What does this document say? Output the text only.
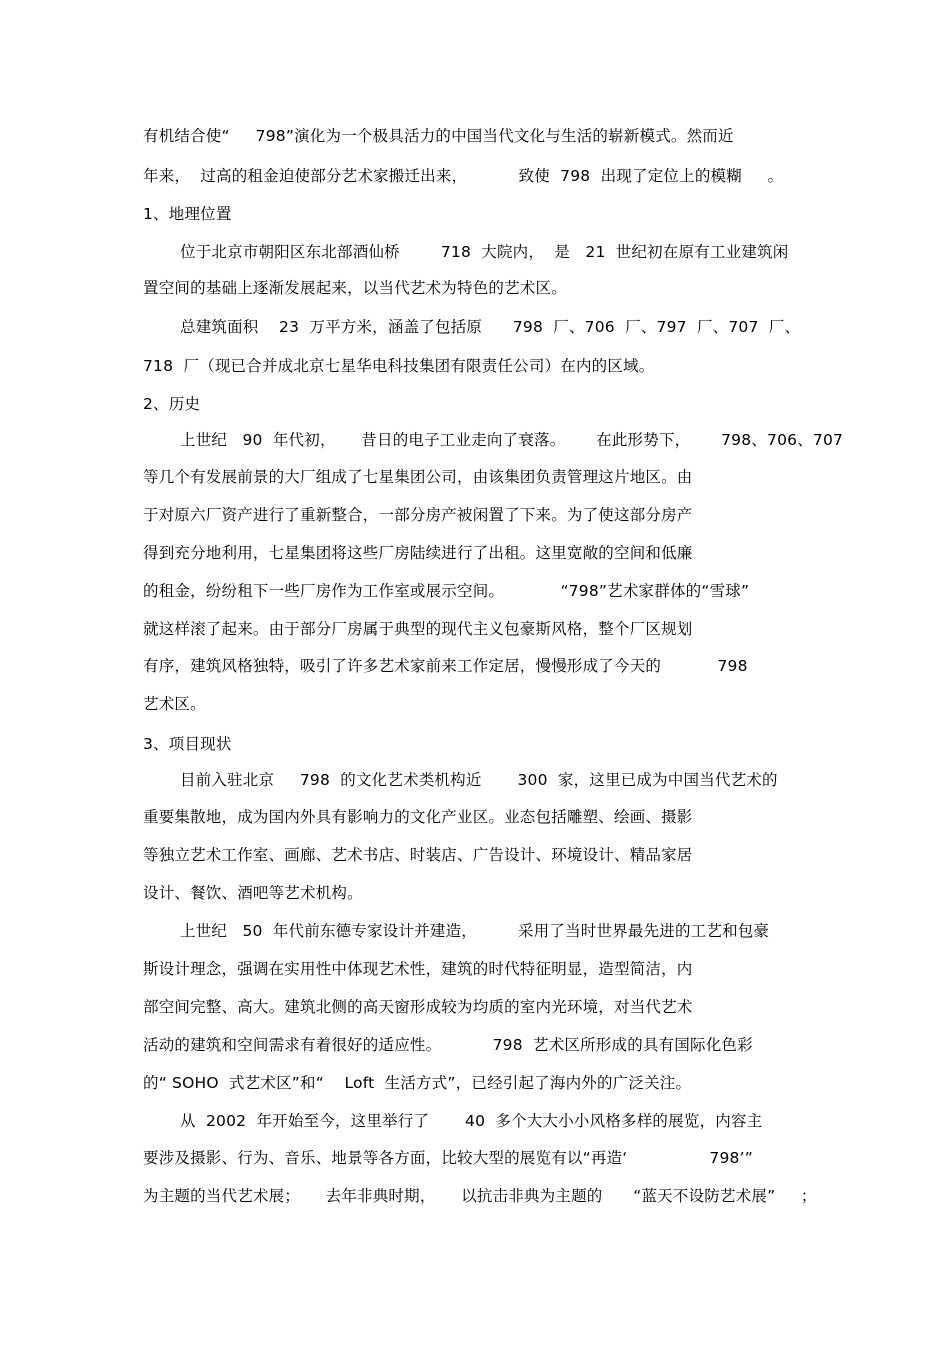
有机结合使“　  798”演化为一个极具活力的中国当代文化与生活的崭新模式。然而近

年来，  过高的租金迫使部分艺术家搬迁出来，          致使  798  出现了定位上的模糊     。

1、地理位置

位于北京市朝阳区东北部酒仙桥        718  大院内，  是   21  世纪初在原有工业建筑闲

置空间的基础上逐渐发展起来，以当代艺术为特色的艺术区。

总建筑面积    23  万平方米，涵盖了包括原      798  厂、706  厂、797  厂、707  厂、

718  厂（现已合并成北京七星华电科技集团有限责任公司）在内的区域。

2、历史

上世纪   90  年代初，     昔日的电子工业走向了衰落。      在此形势下，      798、706、707

等几个有发展前景的大厂组成了七星集团公司，由该集团负责管理这片地区。由

于对原六厂资产进行了重新整合，一部分房产被闲置了下来。为了使这部分房产

得到充分地利用，七星集团将这些厂房陆续进行了出租。这里宽敞的空间和低廉

的租金，纷纷租下一些厂房作为工作室或展示空间。           “798”艺术家群体的“雪球”

就这样滚了起来。由于部分厂房属于典型的现代主义包豪斯风格，整个厂区规划

有序，建筑风格独特，吸引了许多艺术家前来工作定居，慢慢形成了今天的           798

艺术区。

3、项目现状

目前入驻北京     798  的文化艺术类机构近       300  家，这里已成为中国当代艺术的

重要集散地，成为国内外具有影响力的文化产业区。业态包括雕塑、绘画、摄影

等独立艺术工作室、画廊、艺术书店、时装店、广告设计、环境设计、精品家居

设计、餐饮、酒吧等艺术机构。

上世纪   50  年代前东德专家设计并建造，        采用了当时世界最先进的工艺和包豪

斯设计理念，强调在实用性中体现艺术性，建筑的时代特征明显，造型简洁，内

部空间完整、高大。建筑北侧的高天窗形成较为均质的室内光环境，对当代艺术

活动的建筑和空间需求有着很好的适应性。          798  艺术区所形成的具有国际化色彩

的“ SOHO  式艺术区”和“    Loft  生活方式”，已经引起了海内外的广泛关注。

从  2002  年开始至今，这里举行了       40  多个大大小小风格多样的展览，内容主

要涉及摄影、行为、音乐、地景等各方面，比较大型的展览有以“再造‘                798’”

为主题的当代艺术展；     去年非典时期，     以抗击非典为主题的      “蓝天不设防艺术展”     ；
